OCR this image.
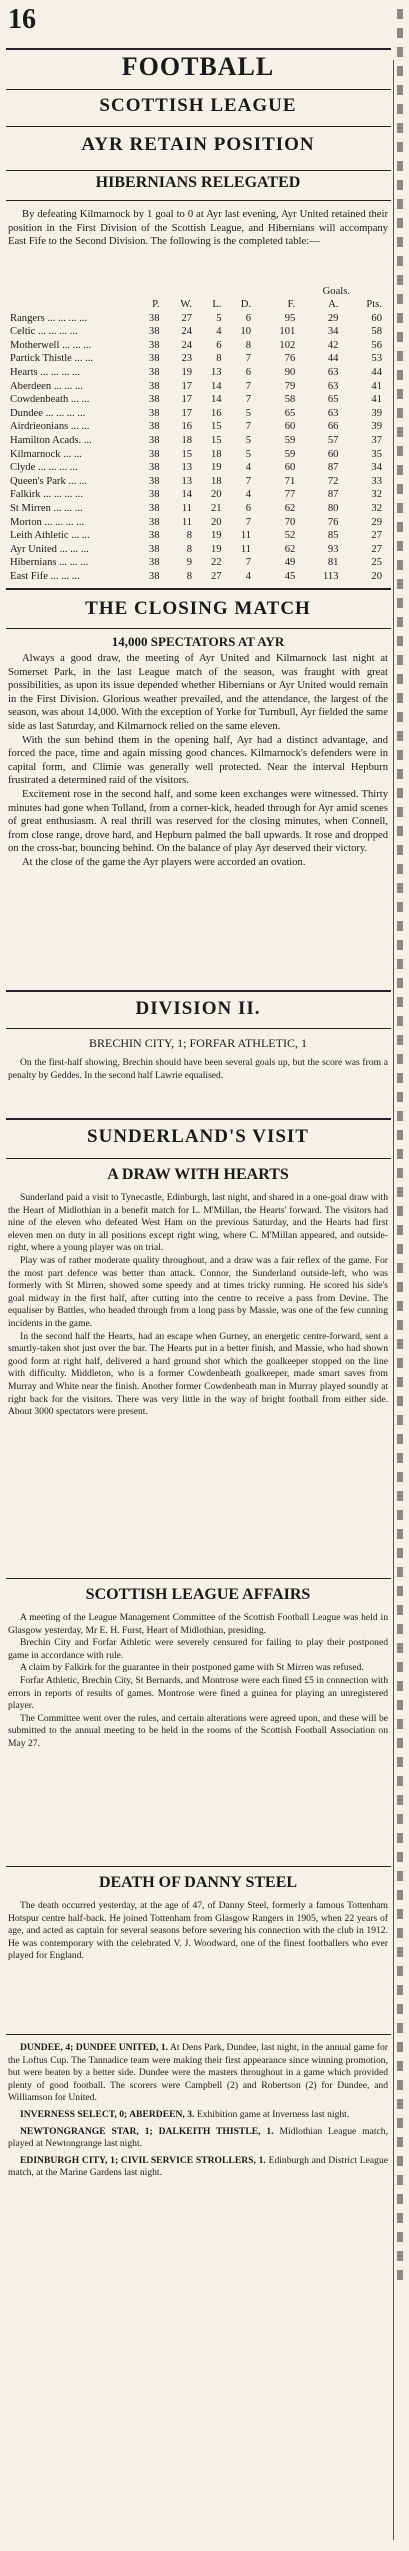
16

FOOTBALL

SCOTTISH LEAGUE

AYR RETAIN POSITION

HIBERNIANS RELEGATED

By defeating Kilmarnock by 1 goal to 0 at Ayr last evening, Ayr United retained their position in the First Division of the Scottish League, and Hibernians will accompany East Fife to the Second Division. The following is the completed table:—

Goals.
	P.	W.	L.	D.	F.	A.	Pts.
Rangers ... ... ... ...	38	27	5	6	95	29	60
Celtic ... ... ... ...	38	24	4	10	101	34	58
Motherwell ... ... ...	38	24	6	8	102	42	56
Partick Thistle ... ...	38	23	8	7	76	44	53
Hearts ... ... ... ...	38	19	13	6	90	63	44
Aberdeen ... ... ...	38	17	14	7	79	63	41
Cowdenbeath ... ...	38	17	14	7	58	65	41
Dundee ... ... ... ...	38	17	16	5	65	63	39
Airdrieonians ... ...	38	16	15	7	60	66	39
Hamilton Acads. ...	38	18	15	5	59	57	37
Kilmarnock ... ...	38	15	18	5	59	60	35
Clyde ... ... ... ...	38	13	19	4	60	87	34
Queen's Park ... ...	38	13	18	7	71	72	33
Falkirk ... ... ... ...	38	14	20	4	77	87	32
St Mirren ... ... ...	38	11	21	6	62	80	32
Morton ... ... ... ...	38	11	20	7	70	76	29
Leith Athletic ... ...	38	8	19	11	52	85	27
Ayr United ... ... ...	38	8	19	11	62	93	27
Hibernians ... ... ...	38	9	22	7	49	81	25
East Fife ... ... ...	38	8	27	4	45	113	20

THE CLOSING MATCH

14,000 SPECTATORS AT AYR

Always a good draw, the meeting of Ayr United and Kilmarnock last night at Somerset Park, in the last League match of the season, was fraught with great possibilities, as upon its issue depended whether Hibernians or Ayr United would remain in the First Division. Glorious weather prevailed, and the attendance, the largest of the season, was about 14,000. With the exception of Yorke for Turnbull, Ayr fielded the same side as last Saturday, and Kilmarnock relied on the same eleven.

With the sun behind them in the opening half, Ayr had a distinct advantage, and forced the pace, time and again missing good chances. Kilmarnock's defenders were in capital form, and Climie was generally well protected. Near the interval Hepburn frustrated a determined raid of the visitors.

Excitement rose in the second half, and some keen exchanges were witnessed. Thirty minutes had gone when Tolland, from a corner-kick, headed through for Ayr amid scenes of great enthusiasm. A real thrill was reserved for the closing minutes, when Connell, from close range, drove hard, and Hepburn palmed the ball upwards. It rose and dropped on the cross-bar, bouncing behind. On the balance of play Ayr deserved their victory.

At the close of the game the Ayr players were accorded an ovation.

DIVISION II.

BRECHIN CITY, 1; FORFAR ATHLETIC, 1

On the first-half showing, Brechin should have been several goals up, but the score was from a penalty by Geddes. In the second half Lawrie equalised.

SUNDERLAND'S VISIT

A DRAW WITH HEARTS

Sunderland paid a visit to Tynecastle, Edinburgh, last night, and shared in a one-goal draw with the Heart of Midlothian in a benefit match for L. M'Millan, the Hearts' forward. The visitors had nine of the eleven who defeated West Ham on the previous Saturday, and the Hearts had first eleven men on duty in all positions except right wing, where C. M'Millan appeared, and outside-right, where a young player was on trial.

Play was of rather moderate quality throughout, and a draw was a fair reflex of the game. For the most part defence was better than attack. Connor, the Sunderland outside-left, who was formerly with St Mirren, showed some speedy and at times tricky running. He scored his side's goal midway in the first half, after cutting into the centre to receive a pass from Devine. The equaliser by Battles, who headed through from a long pass by Massie, was one of the few cunning incidents in the game.

In the second half the Hearts, had an escape when Gurney, an energetic centre-forward, sent a smartly-taken shot just over the bar. The Hearts put in a better finish, and Massie, who had shown good form at right half, delivered a hard ground shot which the goalkeeper stopped on the line with difficulty. Middleton, who is a former Cowdenbeath goalkeeper, made smart saves from Murray and White near the finish. Another former Cowdenbeath man in Murray played soundly at right back for the visitors. There was very little in the way of bright football from either side. About 3000 spectators were present.

SCOTTISH LEAGUE AFFAIRS

A meeting of the League Management Committee of the Scottish Football League was held in Glasgow yesterday, Mr E. H. Furst, Heart of Midlothian, presiding.

Brechin City and Forfar Athletic were severely censured for failing to play their postponed game in accordance with rule.

A claim by Falkirk for the guarantee in their postponed game with St Mirren was refused.

Forfar Athletic, Brechin City, St Bernards, and Montrose were each fined £5 in connection with errors in reports of results of games. Montrose were fined a guinea for playing an unregistered player.

The Committee went over the rules, and certain alterations were agreed upon, and these will be submitted to the annual meeting to be held in the rooms of the Scottish Football Association on May 27.

DEATH OF DANNY STEEL

The death occurred yesterday, at the age of 47, of Danny Steel, formerly a famous Tottenham Hotspur centre half-back. He joined Tottenham from Glasgow Rangers in 1905, when 22 years of age, and acted as captain for several seasons before severing his connection with the club in 1912. He was contemporary with the celebrated V. J. Woodward, one of the finest footballers who ever played for England.

DUNDEE, 4; DUNDEE UNITED, 1. At Dens Park, Dundee, last night, in the annual game for the Loftus Cup. The Tannadice team were making their first appearance since winning promotion, but were beaten by a better side. Dundee were the masters throughout in a game which provided plenty of good football. The scorers were Campbell (2) and Robertson (2) for Dundee, and Williamson for United.

INVERNESS SELECT, 0; ABERDEEN, 3. Exhibition game at Inverness last night.

NEWTONGRANGE STAR, 1; DALKEITH THISTLE, 1. Midlothian League match, played at Newtongrange last night.

EDINBURGH CITY, 1; CIVIL SERVICE STROLLERS, 1. Edinburgh and District League match, at the Marine Gardens last night.
